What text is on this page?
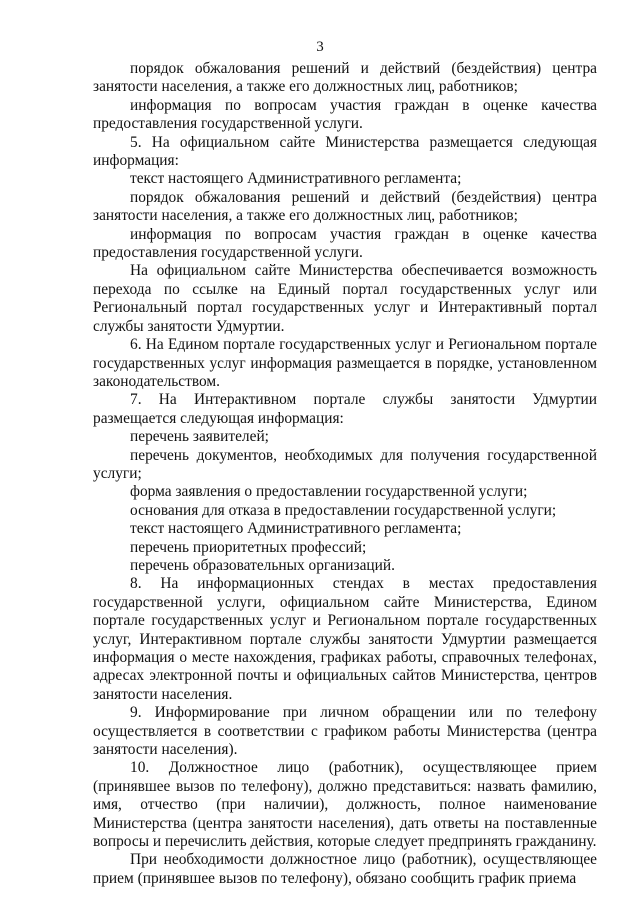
3

порядок обжалования решений и действий (бездействия) центра занятости населения, а также его должностных лиц, работников;

информация по вопросам участия граждан в оценке качества предоставления государственной услуги.

5. На официальном сайте Министерства размещается следующая информация:

текст настоящего Административного регламента;

порядок обжалования решений и действий (бездействия) центра занятости населения, а также его должностных лиц, работников;

информация по вопросам участия граждан в оценке качества предоставления государственной услуги.

На официальном сайте Министерства обеспечивается возможность перехода по ссылке на Единый портал государственных услуг или Региональный портал государственных услуг и Интерактивный портал службы занятости Удмуртии.

6. На Едином портале государственных услуг и Региональном портале государственных услуг информация размещается в порядке, установленном законодательством.

7. На Интерактивном портале службы занятости Удмуртии размещается следующая информация:

перечень заявителей;

перечень документов, необходимых для получения государственной услуги;

форма заявления о предоставлении государственной услуги;

основания для отказа в предоставлении государственной услуги;

текст настоящего Административного регламента;

перечень приоритетных профессий;

перечень образовательных организаций.

8. На информационных стендах в местах предоставления государственной услуги, официальном сайте Министерства, Едином портале государственных услуг и Региональном портале государственных услуг, Интерактивном портале службы занятости Удмуртии размещается информация о месте нахождения, графиках работы, справочных телефонах, адресах электронной почты и официальных сайтов Министерства, центров занятости населения.

9. Информирование при личном обращении или по телефону осуществляется в соответствии с графиком работы Министерства (центра занятости населения).

10. Должностное лицо (работник), осуществляющее прием (принявшее вызов по телефону), должно представиться: назвать фамилию, имя, отчество (при наличии), должность, полное наименование Министерства (центра занятости населения), дать ответы на поставленные вопросы и перечислить действия, которые следует предпринять гражданину.

При необходимости должностное лицо (работник), осуществляющее прием (принявшее вызов по телефону), обязано сообщить график приема
